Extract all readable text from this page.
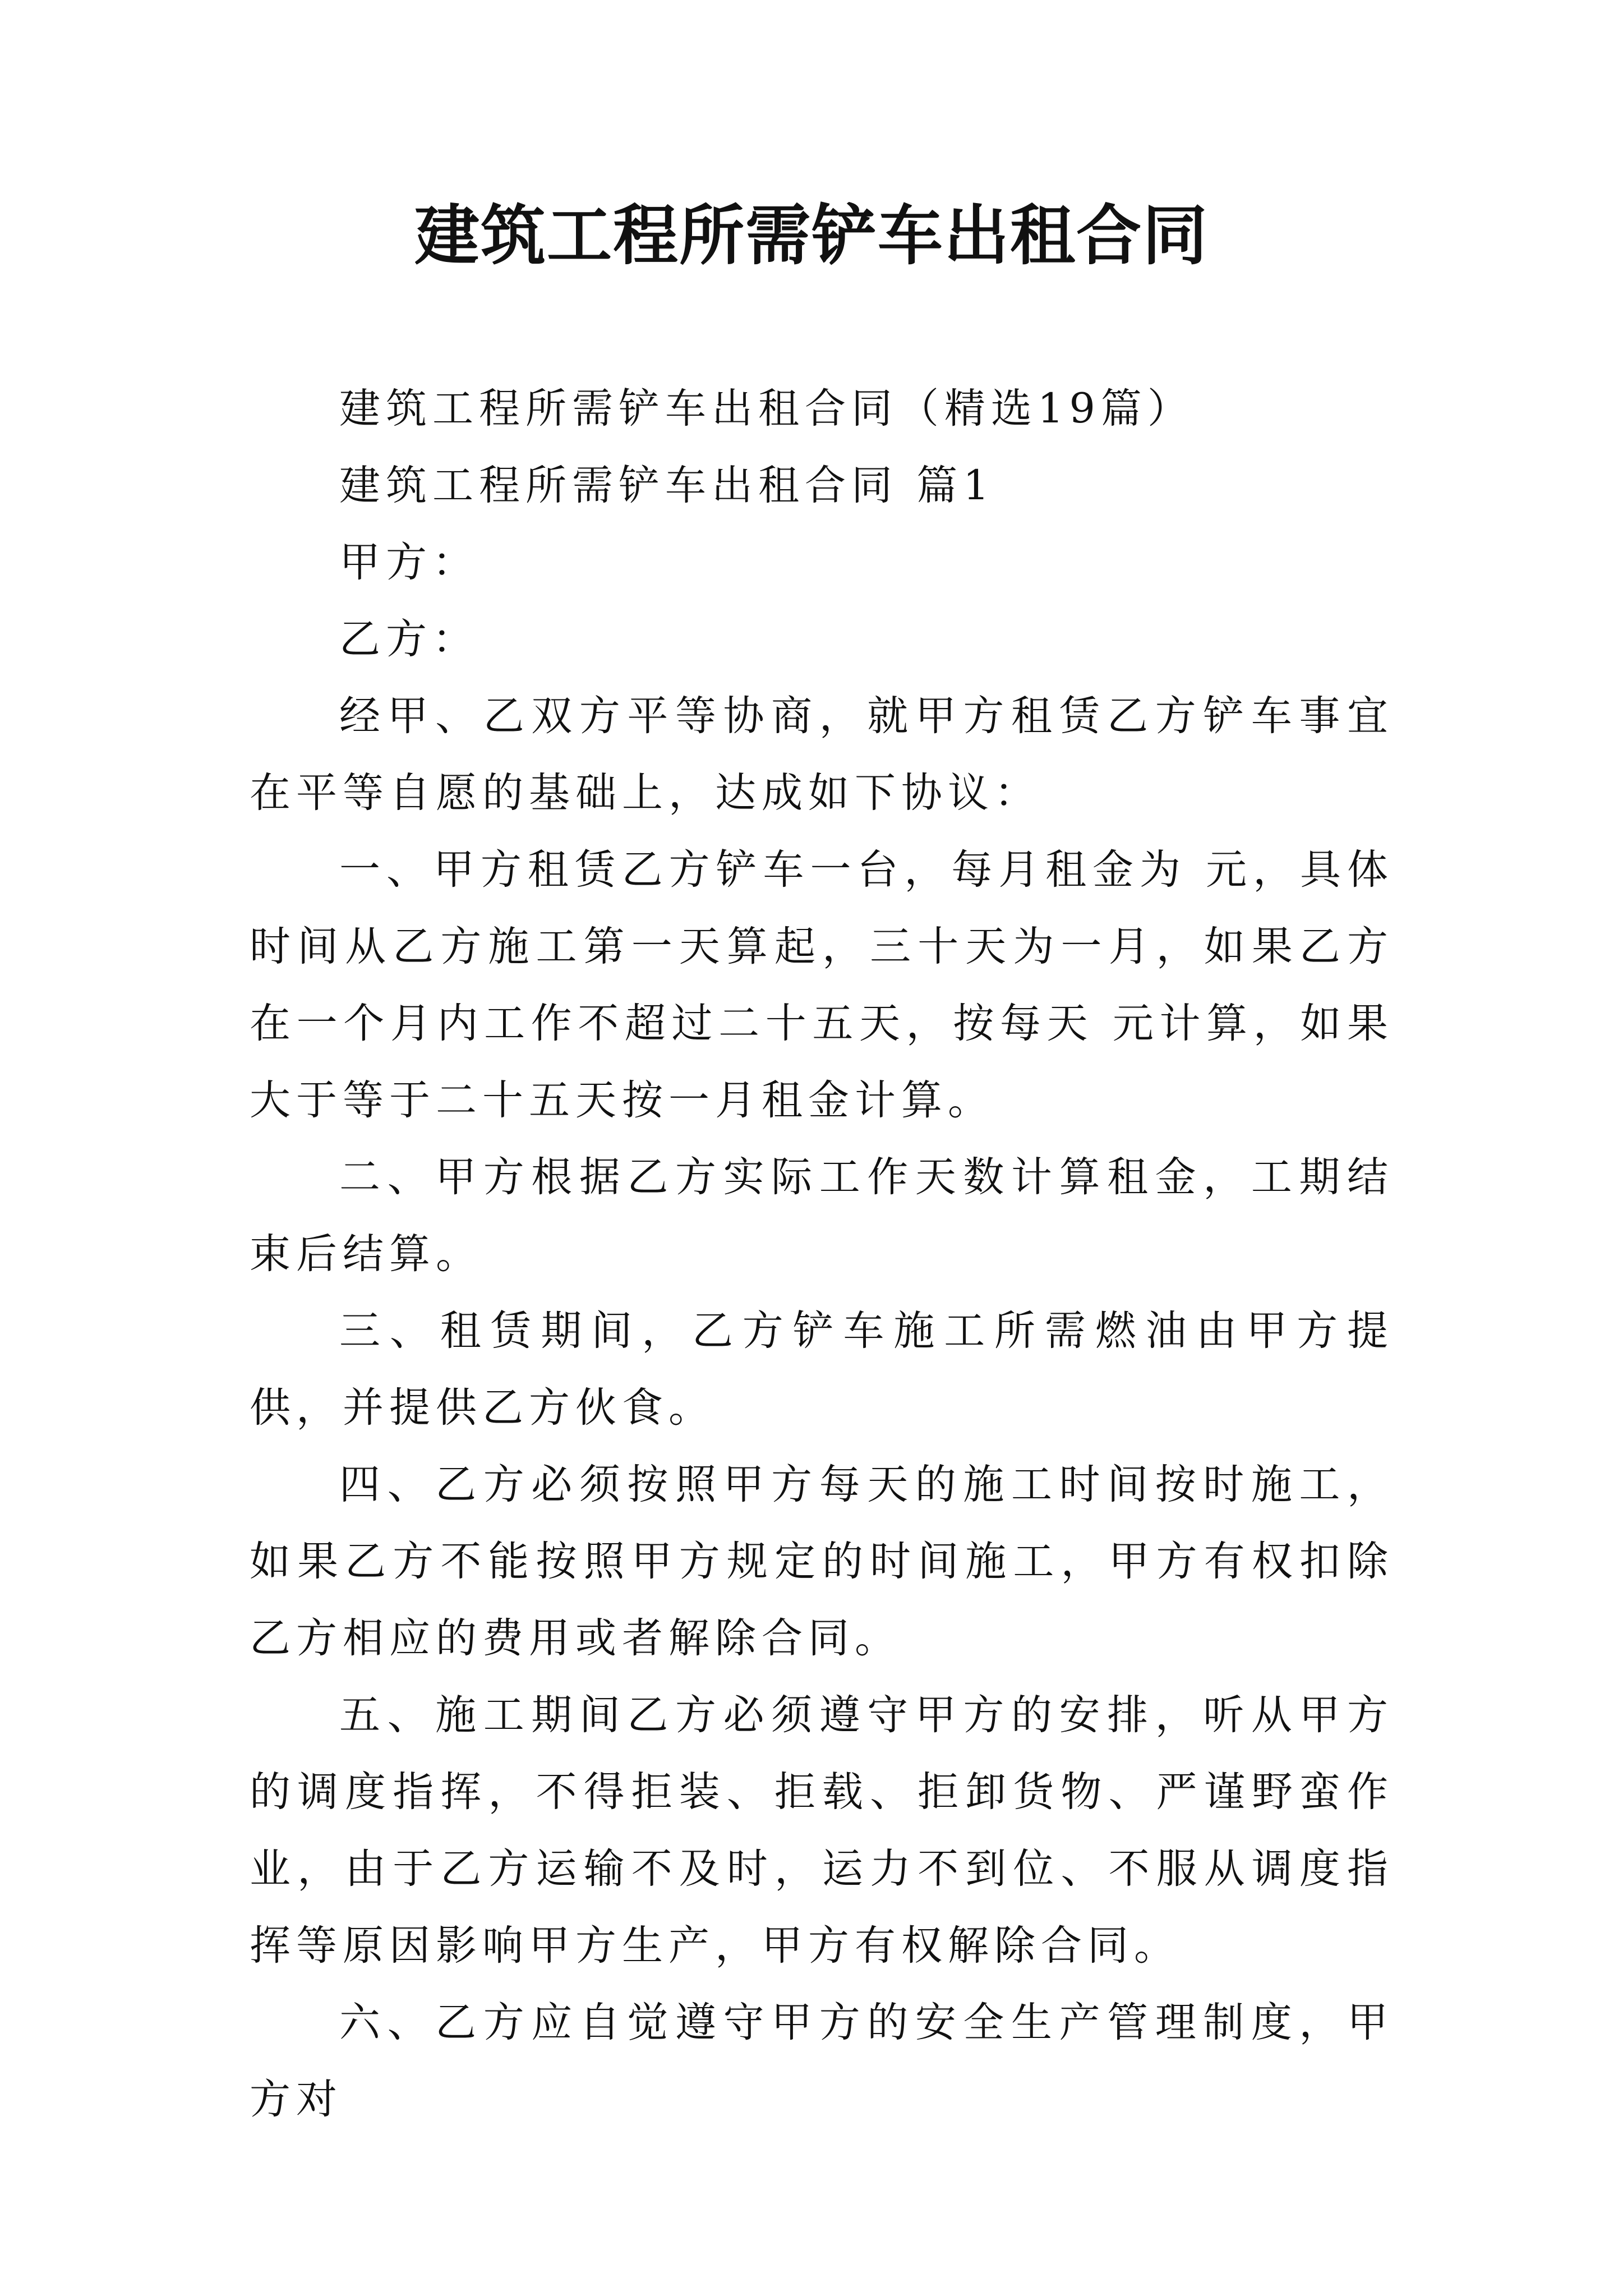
建筑工程所需铲车出租合同

建筑工程所需铲车出租合同（精选19篇）

建筑工程所需铲车出租合同 篇1

甲方：

乙方：

经甲、乙双方平等协商，就甲方租赁乙方铲车事宜在平等自愿的基础上，达成如下协议：

一、甲方租赁乙方铲车一台，每月租金为 元，具体时间从乙方施工第一天算起，三十天为一月，如果乙方在一个月内工作不超过二十五天，按每天 元计算，如果大于等于二十五天按一月租金计算。

二、甲方根据乙方实际工作天数计算租金，工期结束后结算。

三、租赁期间，乙方铲车施工所需燃油由甲方提供，并提供乙方伙食。

四、乙方必须按照甲方每天的施工时间按时施工，如果乙方不能按照甲方规定的时间施工，甲方有权扣除乙方相应的费用或者解除合同。

五、施工期间乙方必须遵守甲方的安排，听从甲方的调度指挥，不得拒装、拒载、拒卸货物、严谨野蛮作业，由于乙方运输不及时，运力不到位、不服从调度指挥等原因影响甲方生产，甲方有权解除合同。

六、乙方应自觉遵守甲方的安全生产管理制度，甲方对
